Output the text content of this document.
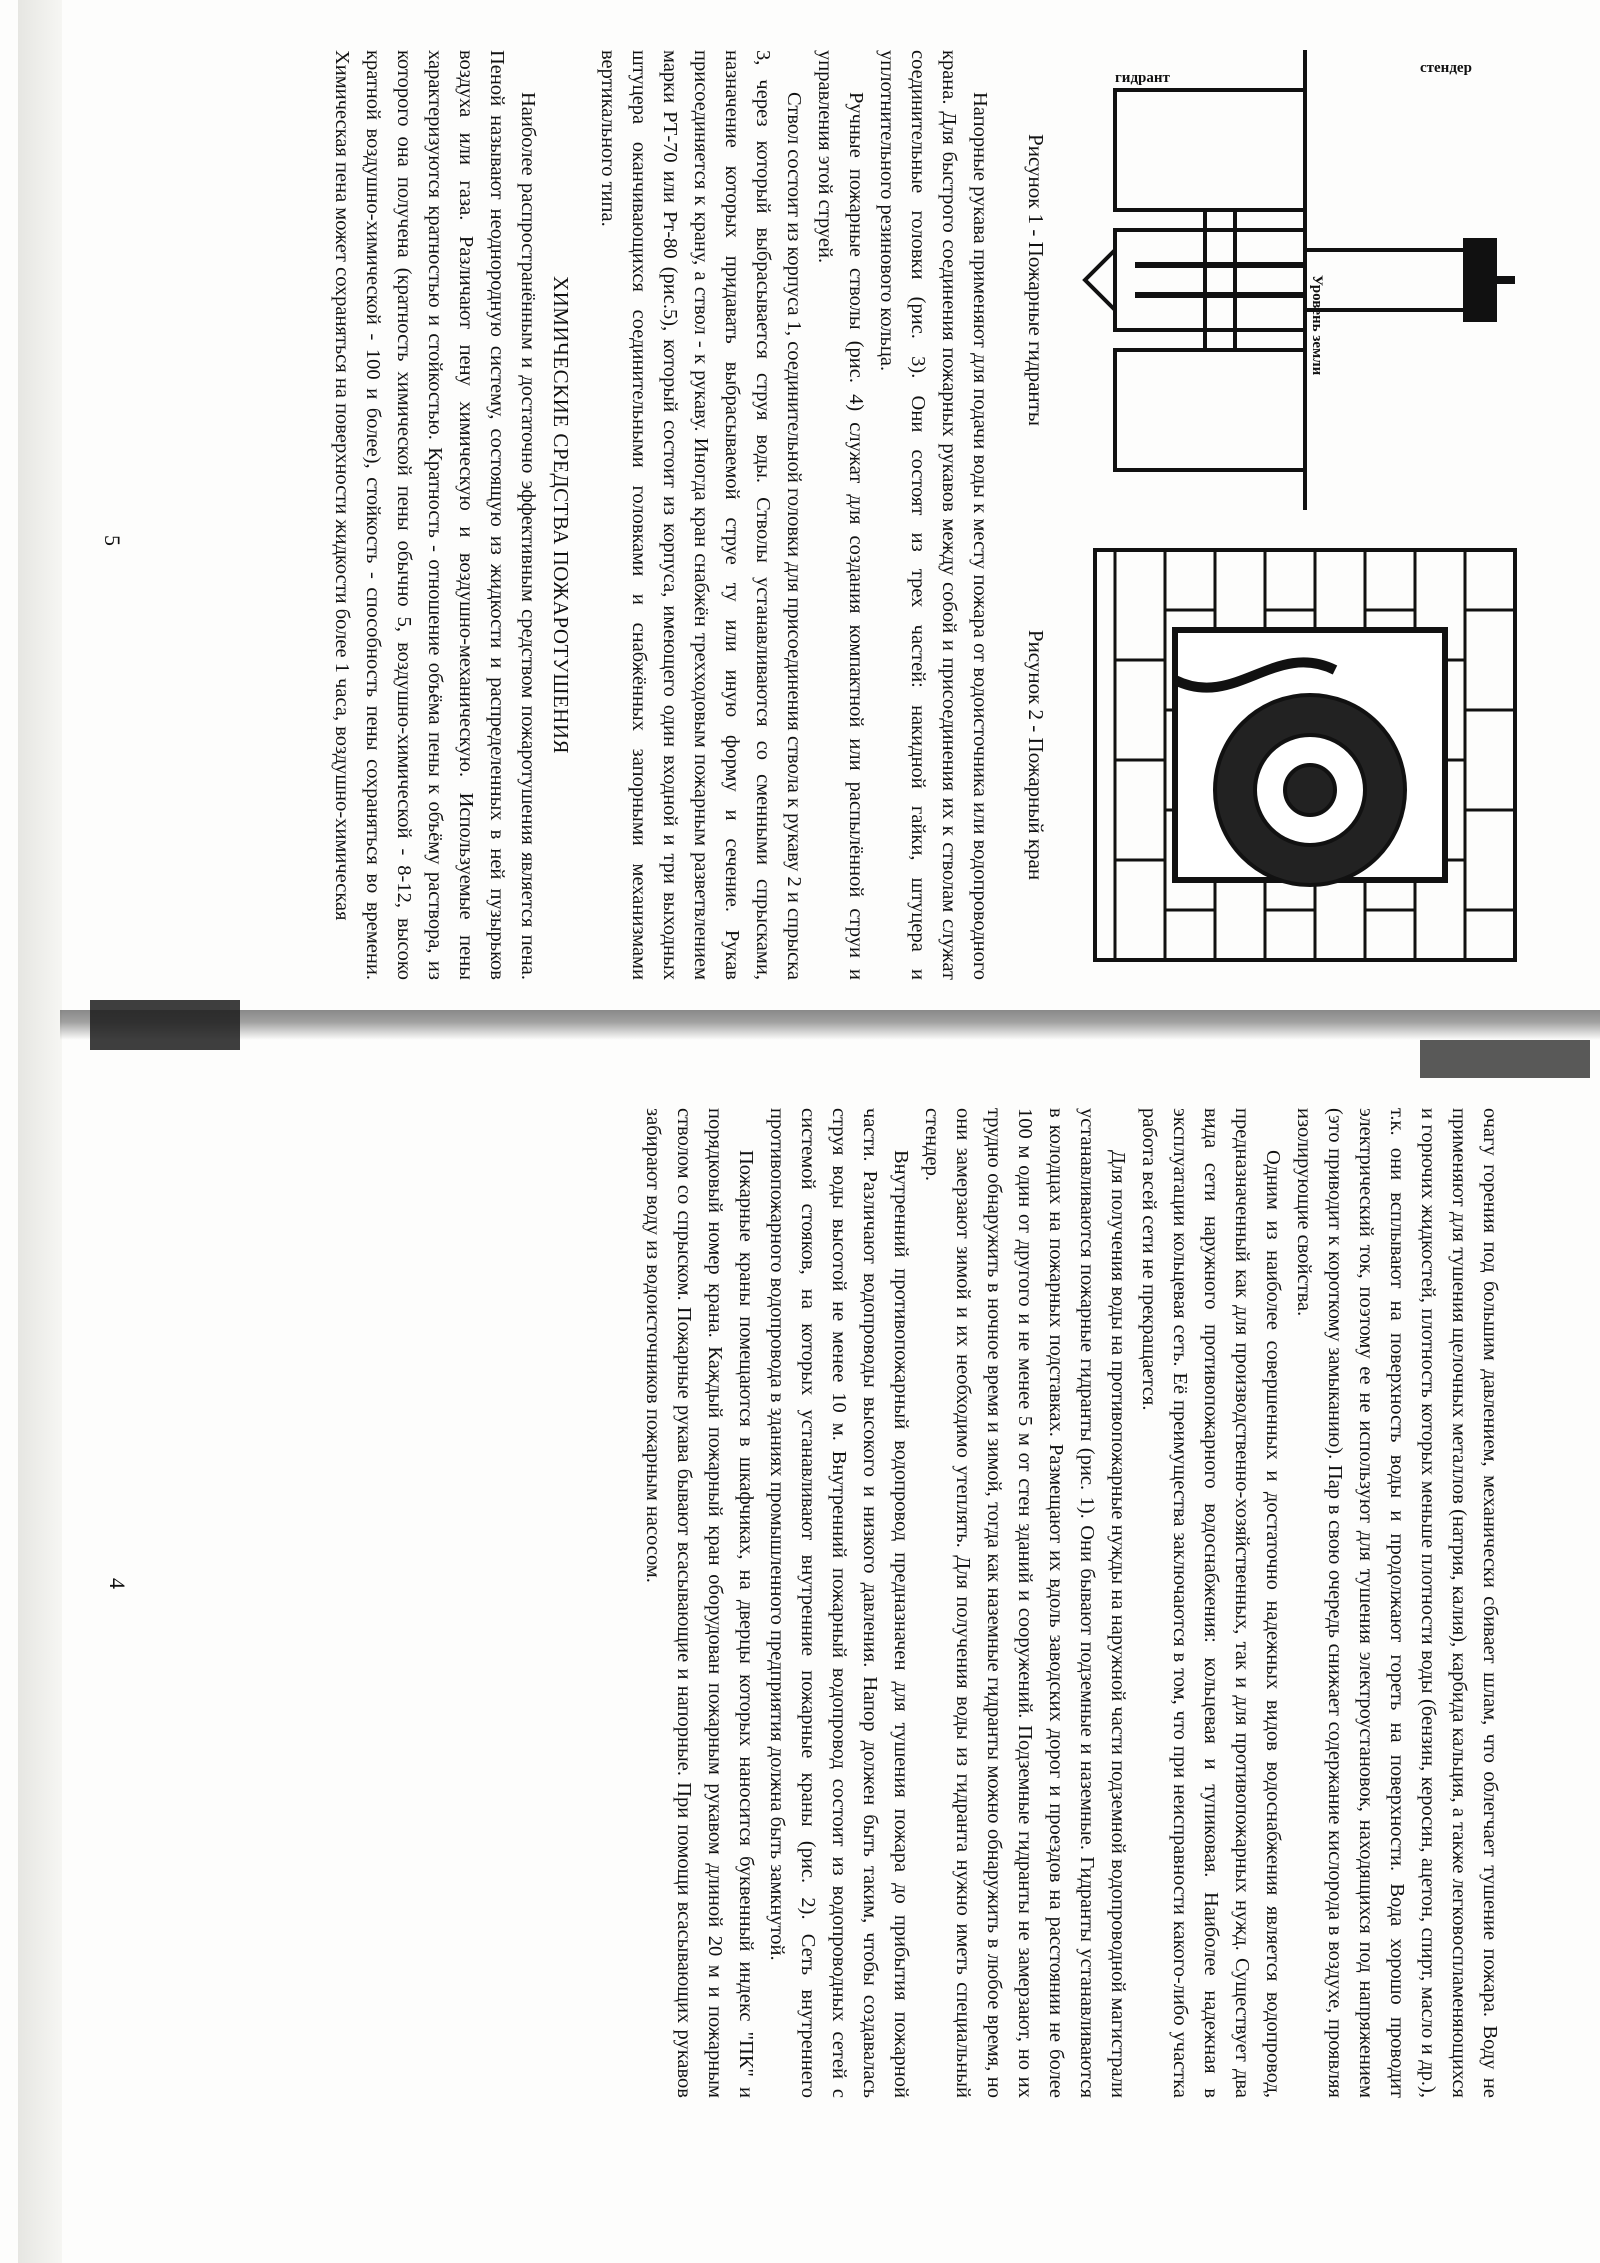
очагу горения под большим давлением, механически сбивает шлам, что облегчает тушение пожара. Воду не применяют для тушения щелочных металлов (натрия, калия), карбида кальция, а также легковоспламеняющихся и горючих жидкостей, плотность которых меньше плотности воды (бензин, керосин, ацетон, спирт, масло и др.), т.к. они всплывают на поверхность воды и продолжают гореть на поверхности. Вода хорошо проводит электрический ток, поэтому ее не используют для тушения электроустановок, находящихся под напряжением (это приводит к короткому замыканию). Пар в свою очередь снижает содержание кислорода в воздухе, проявляя изолирующие свойства.

Одним из наиболее совершенных и достаточно надежных видов водоснабжения является водопровод, предназначенный как для производственно-хозяйственных, так и для противопожарных нужд. Существует два вида сети наружного противопожарного водоснабжения: кольцевая и тупиковая. Наиболее надежная в эксплуатации кольцевая сеть. Её преимущества заключаются в том, что при неисправности какого-либо участка работа всей сети не прекращается.

Для получения воды на противопожарные нужды на наружной части подземной водопроводной магистрали устанавливаются пожарные гидранты (рис. 1). Они бывают подземные и наземные. Гидранты устанавливаются в колодцах на пожарных подставках. Размещают их вдоль заводских дорог и проездов на расстоянии не более 100 м один от другого и не менее 5 м от стен зданий и сооружений. Подземные гидранты не замерзают, но их трудно обнаружить в ночное время и зимой, тогда как наземные гидранты можно обнаружить в любое время, но они замерзают зимой и их необходимо утеплять. Для получения воды из гидранта нужно иметь специальный стендер.

Внутренний противопожарный водопровод предназначен для тушения пожара до прибытия пожарной части. Различают водопроводы высокого и низкого давления. Напор должен быть таким, чтобы создавалась струя воды высотой не менее 10 м. Внутренний пожарный водопровод состоит из водопроводных сетей с системой стояков, на которых устанавливают внутренние пожарные краны (рис. 2). Сеть внутреннего противопожарного водопровода в зданиях промышленного предприятия должна быть замкнутой.

Пожарные краны помещаются в шкафчиках, на дверцы которых наносится буквенный индекс "ПК" и порядковый номер крана. Каждый пожарный кран оборудован пожарным рукавом длиной 20 м и пожарным стволом со спрыском. Пожарные рукава бывают всасывающие и напорные. При помощи всасывающих рукавов забирают воду из водоисточников пожарным насосом.

4
стендер
Уровень земли
гидрант
Рисунок 1 - Пожарные гидранты
Рисунок 2 - Пожарный кран

Напорные рукава применяют для подачи воды к месту пожара от водоисточника или водопроводного крана. Для быстрого соединения пожарных рукавов между собой и присоединения их к стволам служат соединительные головки (рис. 3). Они состоят из трех частей: накидной гайки, штуцера и уплотнительного резинового кольца.

Ручные пожарные стволы (рис. 4) служат для создания компактной или распылённой струи и управления этой струей.

Ствол состоит из корпуса 1, соединительной головки для присоединения ствола к рукаву 2 и спрыска 3, через который выбрасывается струя воды. Стволы устанавливаются со сменными спрысками, назначение которых придавать выбрасываемой струе ту или иную форму и сечение. Рукав присоединяется к крану, а ствол - к рукаву. Иногда кран снабжён трехходовым пожарным разветвлением марки РТ-70 или Рт-80 (рис.5), который состоит из корпуса, имеющего один входной и три выходных штуцера оканчивающихся соединительными головками и снабжённых запорными механизмами вертикального типа.

ХИМИЧЕСКИЕ СРЕДСТВА ПОЖАРОТУШЕНИЯ

Наиболее распространённым и достаточно эффективным средством пожаротушения является пена. Пеной называют неоднородную систему, состоящую из жидкости и распределенных в ней пузырьков воздуха или газа. Различают пену химическую и воздушно-механическую. Используемые пены характеризуются кратностью и стойкостью. Кратность - отношение объёма пены к объёму раствора, из которого она получена (кратность химической пены обычно 5, воздушно-химической - 8-12, высоко кратной воздушно-химической - 100 и более), стойкость - способность пены сохраняться во времени. Химическая пена может сохраняться на поверхности жидкости более 1 часа, воздушно-химическая

5
